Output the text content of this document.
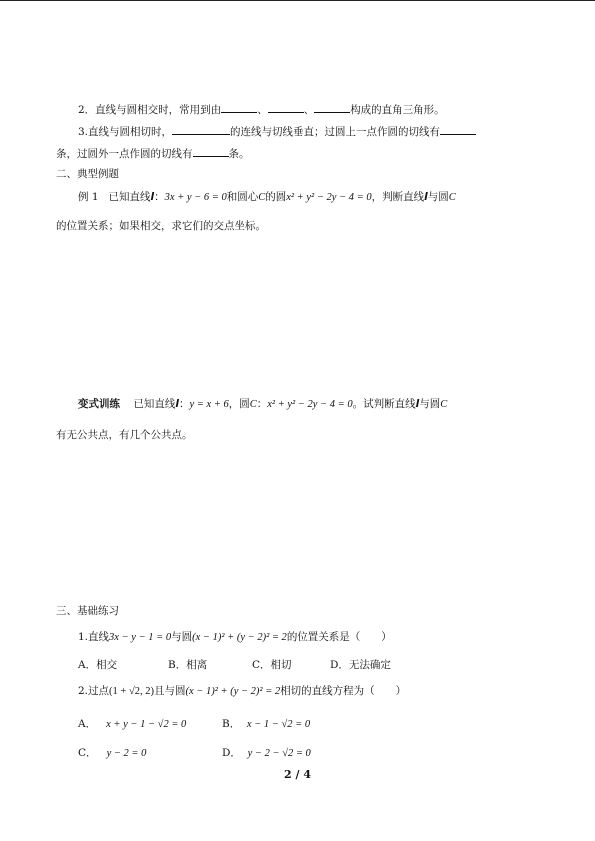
2．直线与圆相交时，常用到由	、	、	构成的直角三角形。
3.直线与圆相切时，	的连线与切线垂直；过圆上一点作圆的切线有
条，过圆外一点作圆的切线有	条。
二、典型例题
例 1 已知直线l：3x + y − 6 = 0和圆心C的圆x² + y² − 2y − 4 = 0，判断直线l与圆C
的位置关系；如果相交，求它们的交点坐标。
变式训练 已知直线l：y = x + 6，圆C：x² + y² − 2y − 4 = 0。试判断直线l与圆C
有无公共点，有几个公共点。
三、基础练习
1.直线3x − y − 1 = 0与圆(x − 1)² + (y − 2)² = 2的位置关系是（　　）
A．相交	B．相离	C．相切	D．无法确定
2.过点(1 + √2, 2)且与圆(x − 1)² + (y − 2)² = 2相切的直线方程为（　　）
A． x + y − 1 − √2 = 0	B． x − 1 − √2 = 0
C． y − 2 = 0	D． y − 2 − √2 = 0
2 / 4
